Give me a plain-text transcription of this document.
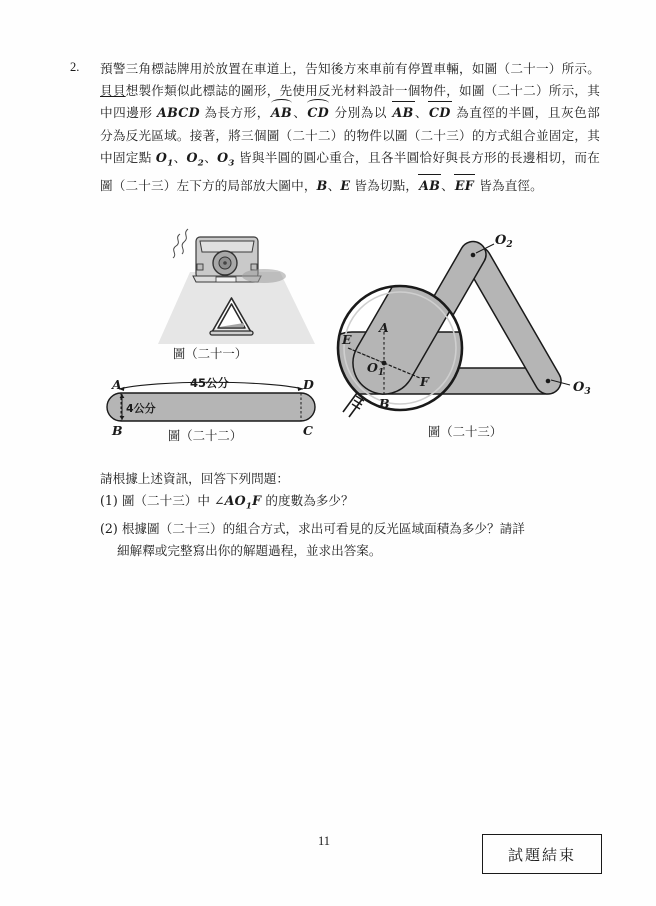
2. 預警三角標誌牌用於放置在車道上，告知後方來車前有停置車輛，如圖（二十一）所示。貝貝想製作類似此標誌的圖形，先使用反光材料設計一個物件，如圖（二十二）所示，其中四邊形 ABCD 為長方形，AB、CD 分別為以 AB、CD 為直徑的半圓，且灰色部分為反光區域。接著，將三個圖（二十二）的物件以圖（二十三）的方式組合並固定，其中固定點 $O_1$、$O_2$、$O_3$ 皆與半圓的圓心重合，且各半圓恰好與長方形的長邊相切，而在圖（二十三）左下方的局部放大圖中，B、E 皆為切點，AB、EF 皆為直徑。

圖（二十一）
A
B
D
C
45公分
4公分
圖（二十二）
$O_2$
$O_3$
A
B
E
F
$O_1$
圖（二十三）

請根據上述資訊，回答下列問題：

(1) 圖（二十三）中 $\angle AO_1F$ 的度數為多少？

(2) 根據圖（二十三）的組合方式，求出可看見的反光區域面積為多少？請詳

細解釋或完整寫出你的解題過程，並求出答案。

11
試題結束
